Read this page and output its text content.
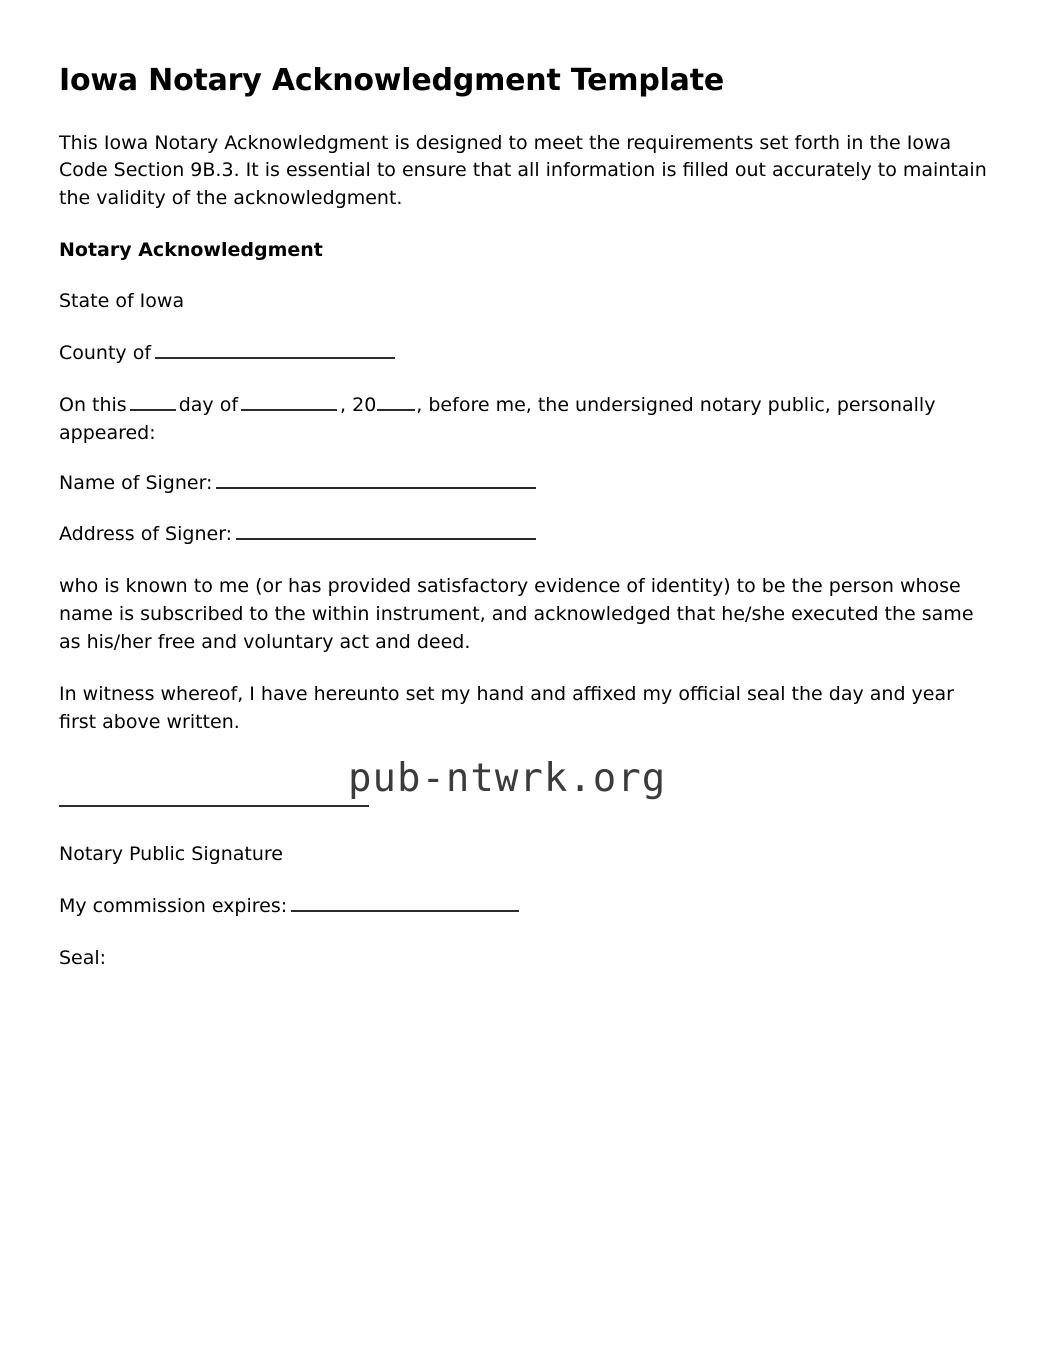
Iowa Notary Acknowledgment Template

This Iowa Notary Acknowledgment is designed to meet the requirements set forth in the Iowa Code Section 9B.3. It is essential to ensure that all information is filled out accurately to maintain the validity of the acknowledgment.

Notary Acknowledgment

State of Iowa

County of

On this	day of	, 20 , before me, the undersigned notary public, personally appeared:

Name of Signer:

Address of Signer:

who is known to me (or has provided satisfactory evidence of identity) to be the person whose name is subscribed to the within instrument, and acknowledged that he/she executed the same as his/her free and voluntary act and deed.

In witness whereof, I have hereunto set my hand and affixed my official seal the day and year first above written.

pub-ntwrk.org

Notary Public Signature

My commission expires:

Seal:
